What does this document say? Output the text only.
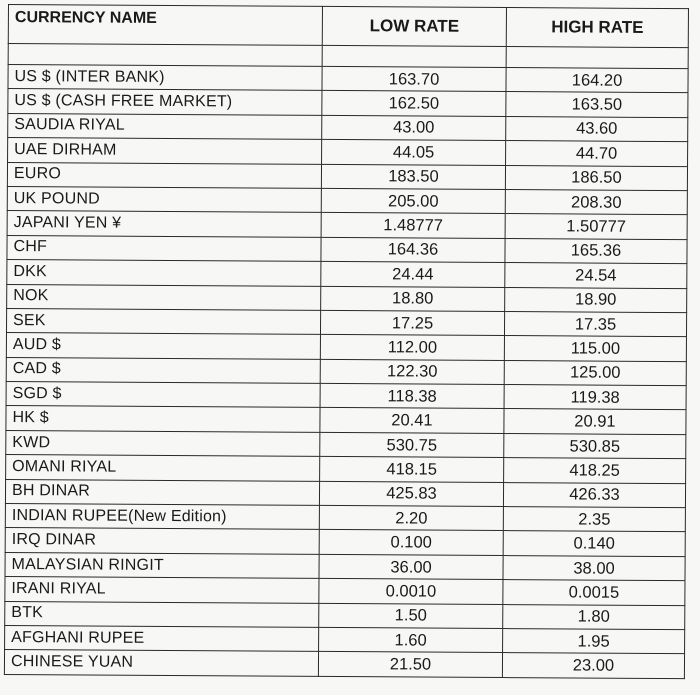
CURRENCY NAME	LOW RATE	HIGH RATE

US $ (INTER BANK)	163.70	164.20
US $ (CASH FREE MARKET)	162.50	163.50
SAUDIA RIYAL	43.00	43.60
UAE DIRHAM	44.05	44.70
EURO	183.50	186.50
UK POUND	205.00	208.30
JAPANI YEN ¥	1.48777	1.50777
CHF	164.36	165.36
DKK	24.44	24.54
NOK	18.80	18.90
SEK	17.25	17.35
AUD $	112.00	115.00
CAD $	122.30	125.00
SGD $	118.38	119.38
HK $	20.41	20.91
KWD	530.75	530.85
OMANI RIYAL	418.15	418.25
BH DINAR	425.83	426.33
INDIAN RUPEE(New Edition)	2.20	2.35
IRQ DINAR	0.100	0.140
MALAYSIAN RINGIT	36.00	38.00
IRANI RIYAL	0.0010	0.0015
BTK	1.50	1.80
AFGHANI RUPEE	1.60	1.95
CHINESE YUAN	21.50	23.00
